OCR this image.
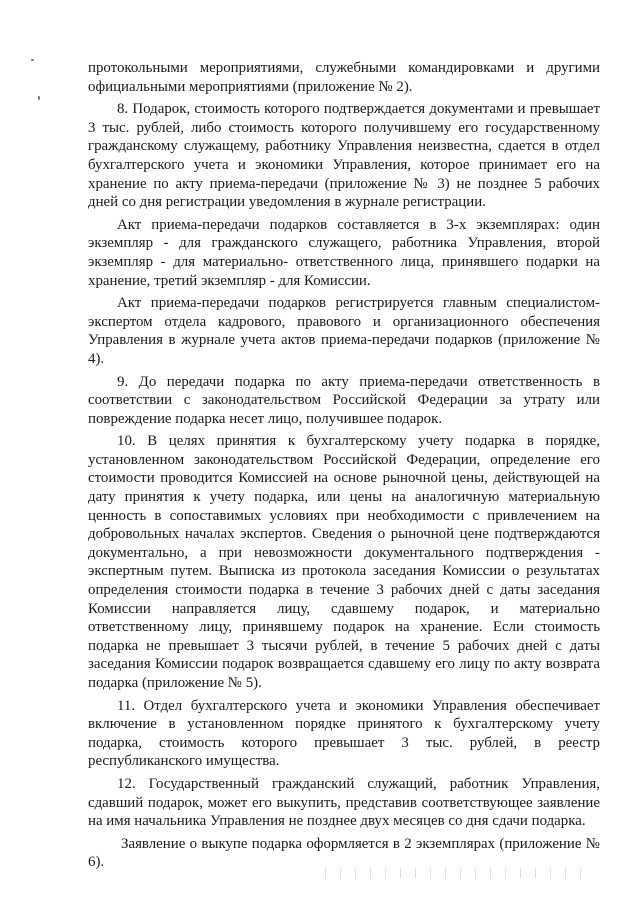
протокольными мероприятиями, служебными командировками и другими официальными мероприятиями (приложение № 2).

8. Подарок, стоимость которого подтверждается документами и превышает 3 тыс. рублей, либо стоимость которого получившему его государственному гражданскому служащему, работнику Управления неизвестна, сдается в отдел бухгалтерского учета и экономики Управления, которое принимает его на хранение по акту приема-передачи (приложение № 3) не позднее 5 рабочих дней со дня регистрации уведомления в журнале регистрации.

Акт приема-передачи подарков составляется в 3-х экземплярах: один экземпляр - для гражданского служащего, работника Управления, второй экземпляр - для материально- ответственного лица, принявшего подарки на хранение, третий экземпляр - для Комиссии.

Акт приема-передачи подарков регистрируется главным специалистом-экспертом отдела кадрового, правового и организационного обеспечения Управления в журнале учета актов приема-передачи подарков (приложение № 4).

9. До передачи подарка по акту приема-передачи ответственность в соответствии с законодательством Российской Федерации за утрату или повреждение подарка несет лицо, получившее подарок.

10. В целях принятия к бухгалтерскому учету подарка в порядке, установленном законодательством Российской Федерации, определение его стоимости проводится Комиссией на основе рыночной цены, действующей на дату принятия к учету подарка, или цены на аналогичную материальную ценность в сопоставимых условиях при необходимости с привлечением на добровольных началах экспертов. Сведения о рыночной цене подтверждаются документально, а при невозможности документального подтверждения - экспертным путем. Выписка из протокола заседания Комиссии о результатах определения стоимости подарка в течение 3 рабочих дней с даты заседания Комиссии направляется лицу, сдавшему подарок, и материально ответственному лицу, принявшему подарок на хранение. Если стоимость подарка не превышает 3 тысячи рублей, в течение 5 рабочих дней с даты заседания Комиссии подарок возвращается сдавшему его лицу по акту возврата подарка (приложение № 5).

11. Отдел бухгалтерского учета и экономики Управления обеспечивает включение в установленном порядке принятого к бухгалтерскому учету подарка, стоимость которого превышает 3 тыс. рублей, в реестр республиканского имущества.

12. Государственный гражданский служащий, работник Управления, сдавший подарок, может его выкупить, представив соответствующее заявление на имя начальника Управления не позднее двух месяцев со дня сдачи подарка.

Заявление о выкупе подарка оформляется в 2 экземплярах (приложение № 6).
